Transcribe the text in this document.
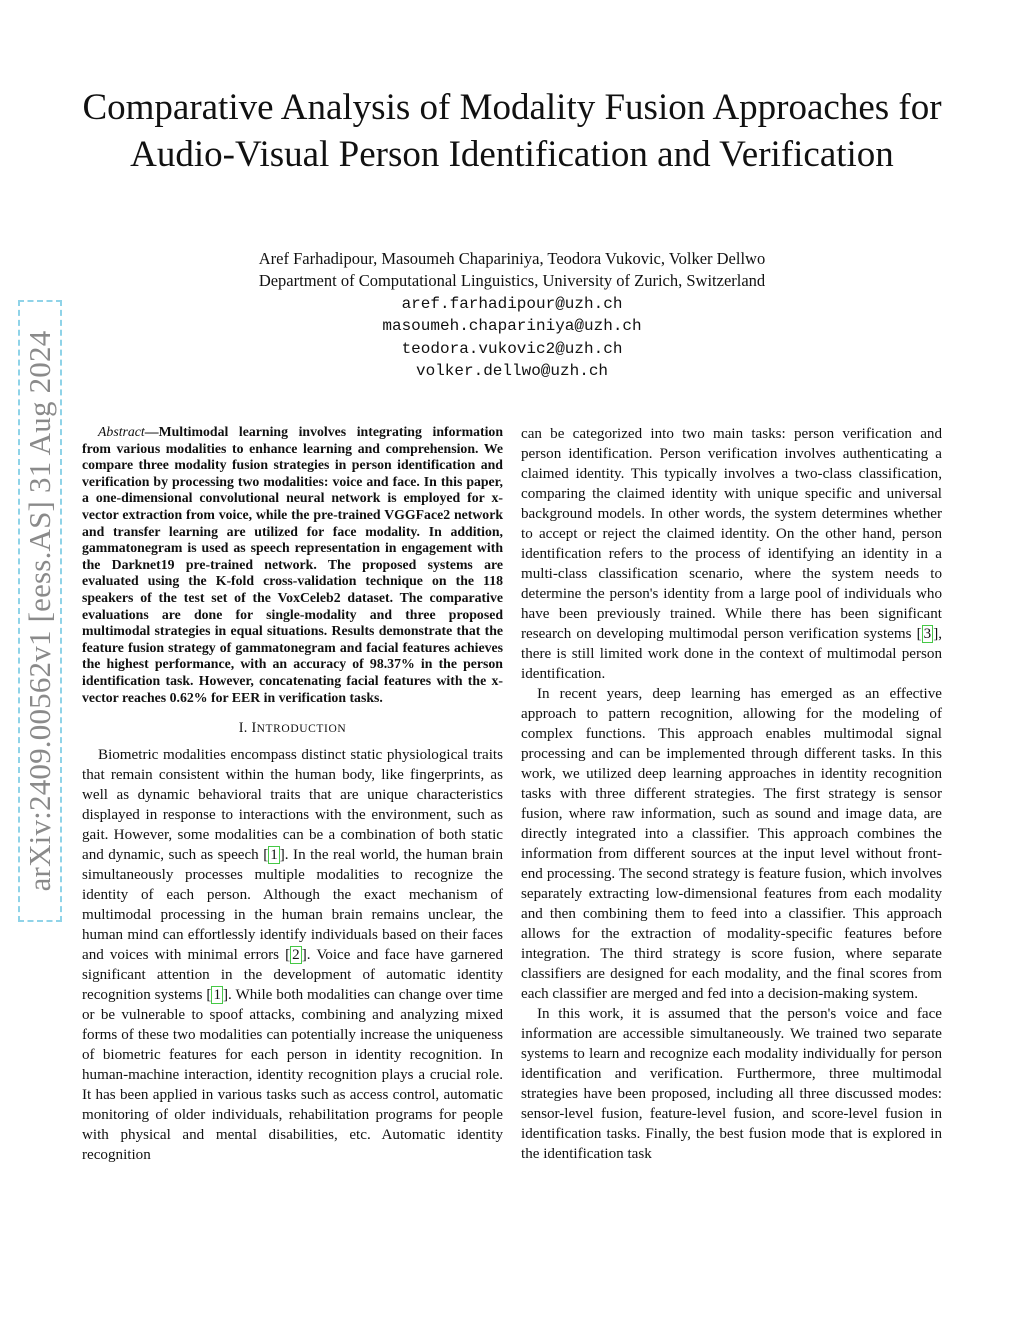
arXiv:2409.00562v1 [eess.AS] 31 Aug 2024
Comparative Analysis of Modality Fusion Approaches for Audio-Visual Person Identification and Verification
Aref Farhadipour, Masoumeh Chapariniya, Teodora Vukovic, Volker Dellwo
Department of Computational Linguistics, University of Zurich, Switzerland
aref.farhadipour@uzh.ch
masoumeh.chapariniya@uzh.ch
teodora.vukovic2@uzh.ch
volker.dellwo@uzh.ch

Abstract—Multimodal learning involves integrating information from various modalities to enhance learning and comprehension. We compare three modality fusion strategies in person identification and verification by processing two modalities: voice and face. In this paper, a one-dimensional convolutional neural network is employed for x-vector extraction from voice, while the pre-trained VGGFace2 network and transfer learning are utilized for face modality. In addition, gammatonegram is used as speech representation in engagement with the Darknet19 pre-trained network. The proposed systems are evaluated using the K-fold cross-validation technique on the 118 speakers of the test set of the VoxCeleb2 dataset. The comparative evaluations are done for single-modality and three proposed multimodal strategies in equal situations. Results demonstrate that the feature fusion strategy of gammatonegram and facial features achieves the highest performance, with an accuracy of 98.37% in the person identification task. However, concatenating facial features with the x-vector reaches 0.62% for EER in verification tasks.

I. INTRODUCTION

Biometric modalities encompass distinct static physiological traits that remain consistent within the human body, like fingerprints, as well as dynamic behavioral traits that are unique characteristics displayed in response to interactions with the environment, such as gait. However, some modalities can be a combination of both static and dynamic, such as speech [ 1 ]. In the real world, the human brain simultaneously processes multiple modalities to recognize the identity of each person. Although the exact mechanism of multimodal processing in the human brain remains unclear, the human mind can effortlessly identify individuals based on their faces and voices with minimal errors [ 2 ]. Voice and face have garnered significant attention in the development of automatic identity recognition systems [ 1 ]. While both modalities can change over time or be vulnerable to spoof attacks, combining and analyzing mixed forms of these two modalities can potentially increase the uniqueness of biometric features for each person in identity recognition. In human-machine interaction, identity recognition plays a crucial role. It has been applied in various tasks such as access control, automatic monitoring of older individuals, rehabilitation programs for people with physical and mental disabilities, etc. Automatic identity recognition

can be categorized into two main tasks: person verification and person identification. Person verification involves authenticating a claimed identity. This typically involves a two-class classification, comparing the claimed identity with unique specific and universal background models. In other words, the system determines whether to accept or reject the claimed identity. On the other hand, person identification refers to the process of identifying an identity in a multi-class classification scenario, where the system needs to determine the person's identity from a large pool of individuals who have been previously trained. While there has been significant research on developing multimodal person verification systems [ 3 ], there is still limited work done in the context of multimodal person identification.

In recent years, deep learning has emerged as an effective approach to pattern recognition, allowing for the modeling of complex functions. This approach enables multimodal signal processing and can be implemented through different tasks. In this work, we utilized deep learning approaches in identity recognition tasks with three different strategies. The first strategy is sensor fusion, where raw information, such as sound and image data, are directly integrated into a classifier. This approach combines the information from different sources at the input level without front-end processing. The second strategy is feature fusion, which involves separately extracting low-dimensional features from each modality and then combining them to feed into a classifier. This approach allows for the extraction of modality-specific features before integration. The third strategy is score fusion, where separate classifiers are designed for each modality, and the final scores from each classifier are merged and fed into a decision-making system.

In this work, it is assumed that the person's voice and face information are accessible simultaneously. We trained two separate systems to learn and recognize each modality individually for person identification and verification. Furthermore, three multimodal strategies have been proposed, including all three discussed modes: sensor-level fusion, feature-level fusion, and score-level fusion in identification tasks. Finally, the best fusion mode that is explored in the identification task
